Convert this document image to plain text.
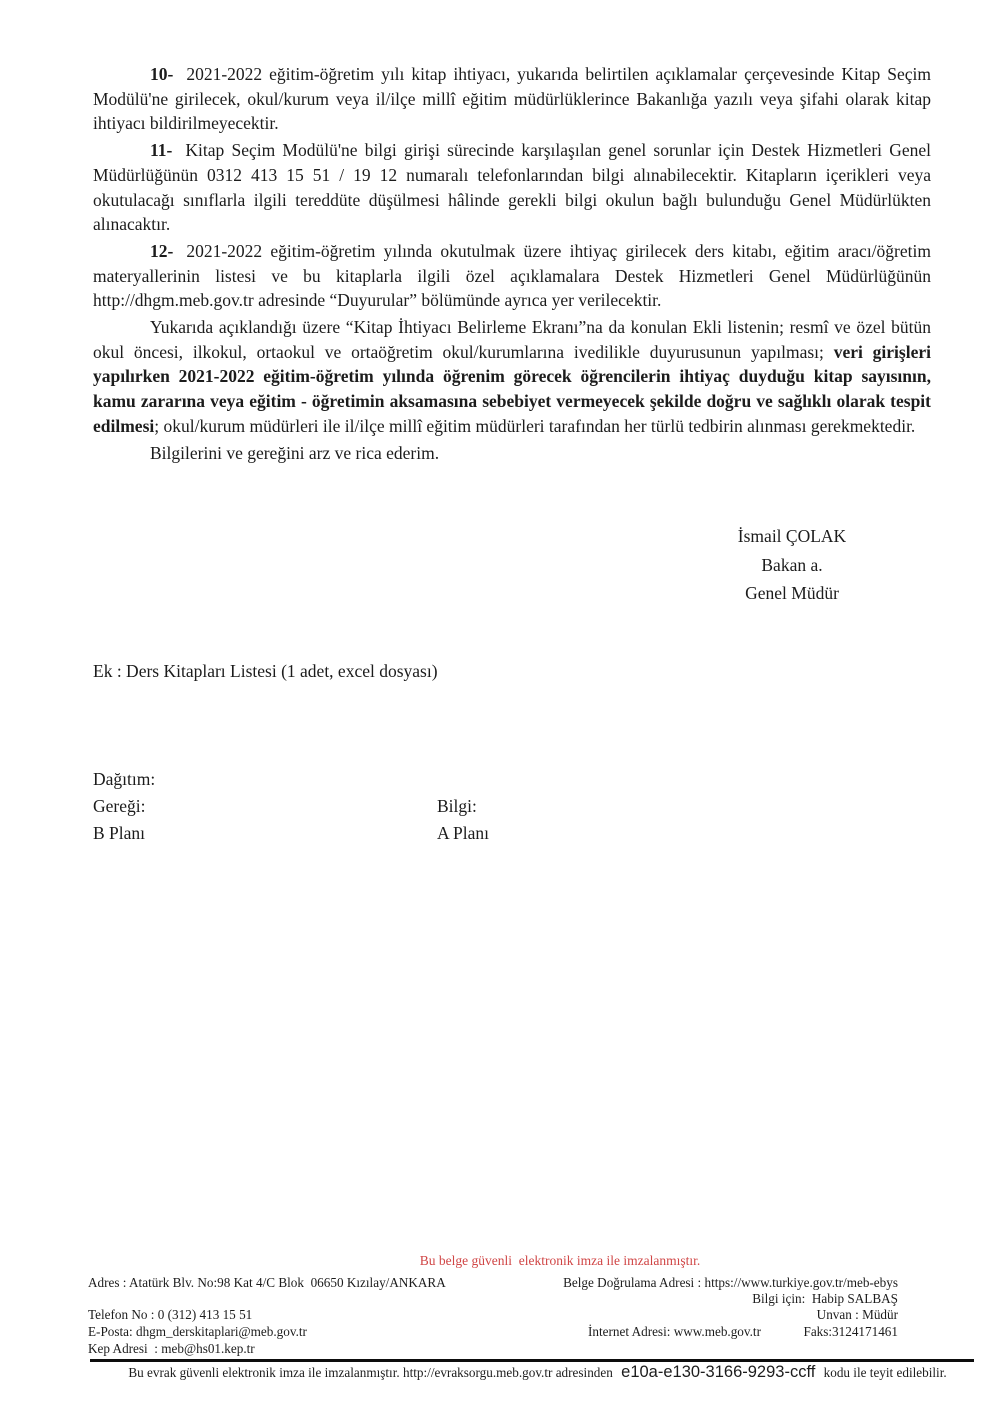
10- 2021-2022 eğitim-öğretim yılı kitap ihtiyacı, yukarıda belirtilen açıklamalar çerçevesinde Kitap Seçim Modülü'ne girilecek, okul/kurum veya il/ilçe millî eğitim müdürlüklerince Bakanlığa yazılı veya şifahi olarak kitap ihtiyacı bildirilmeyecektir.

11- Kitap Seçim Modülü'ne bilgi girişi sürecinde karşılaşılan genel sorunlar için Destek Hizmetleri Genel Müdürlüğünün 0312 413 15 51 / 19 12 numaralı telefonlarından bilgi alınabilecektir. Kitapların içerikleri veya okutulacağı sınıflarla ilgili tereddüte düşülmesi hâlinde gerekli bilgi okulun bağlı bulunduğu Genel Müdürlükten alınacaktır.

12- 2021-2022 eğitim-öğretim yılında okutulmak üzere ihtiyaç girilecek ders kitabı, eğitim aracı/öğretim materyallerinin listesi ve bu kitaplarla ilgili özel açıklamalara Destek Hizmetleri Genel Müdürlüğünün http://dhgm.meb.gov.tr adresinde “Duyurular” bölümünde ayrıca yer verilecektir.

Yukarıda açıklandığı üzere “Kitap İhtiyacı Belirleme Ekranı”na da konulan Ekli listenin; resmî ve özel bütün okul öncesi, ilkokul, ortaokul ve ortaöğretim okul/kurumlarına ivedilikle duyurusunun yapılması; veri girişleri yapılırken 2021-2022 eğitim-öğretim yılında öğrenim görecek öğrencilerin ihtiyaç duyduğu kitap sayısının, kamu zararına veya eğitim - öğretimin aksamasına sebebiyet vermeyecek şekilde doğru ve sağlıklı olarak tespit edilmesi; okul/kurum müdürleri ile il/ilçe millî eğitim müdürleri tarafından her türlü tedbirin alınması gerekmektedir.

Bilgilerini ve gereğini arz ve rica ederim.

İsmail ÇOLAK
Bakan a.
Genel Müdür
Ek : Ders Kitapları Listesi (1 adet, excel dosyası)
Dağıtım:
Gereği:	Bilgi:
B Planı	A Planı
Bu belge güvenli  elektronik imza ile imzalanmıştır.
Adres : Atatürk Blv. No:98 Kat 4/C Blok  06650 Kızılay/ANKARA	Belge Doğrulama Adresi : https://www.turkiye.gov.tr/meb-ebys
Bilgi için:  Habip SALBAŞ
Telefon No : 0 (312) 413 15 51	Unvan : Müdür
E-Posta: dhgm_derskitaplari@meb.gov.tr	İnternet Adresi: www.meb.gov.tr	Faks:3124171461
Kep Adresi  : meb@hs01.kep.tr
Bu evrak güvenli elektronik imza ile imzalanmıştır. http://evraksorgu.meb.gov.tr adresinden e10a-e130-3166-9293-ccff kodu ile teyit edilebilir.
